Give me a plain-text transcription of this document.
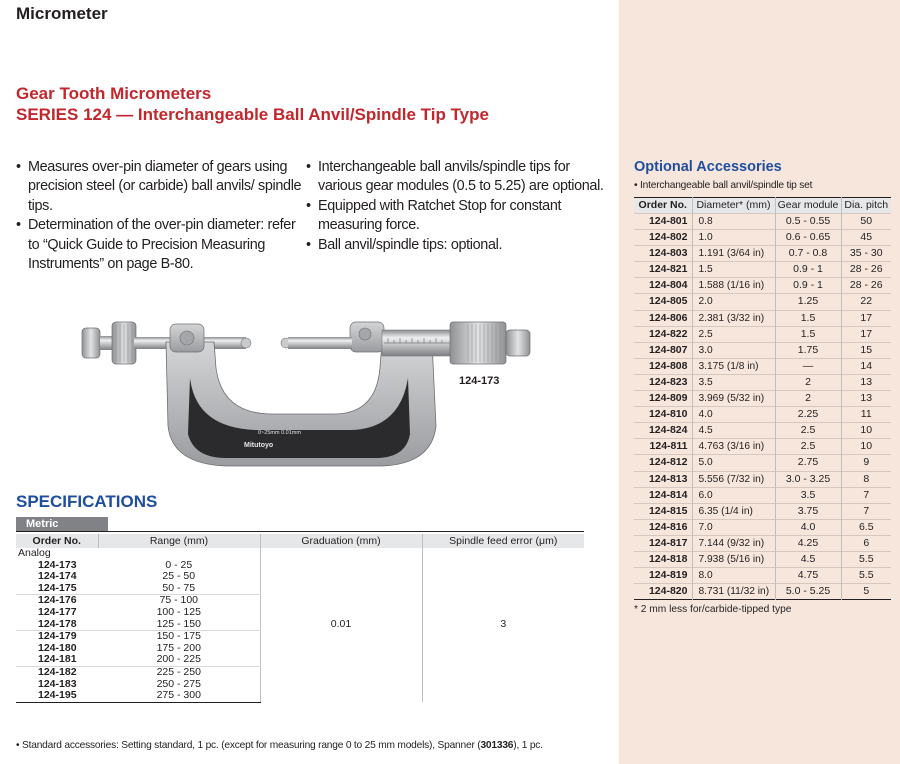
Micrometer
Gear Tooth Micrometers
SERIES 124 — Interchangeable Ball Anvil/Spindle Tip Type
• Measures over-pin diameter of gears using precision steel (or carbide) ball anvils/ spindle tips.
• Determination of the over-pin diameter: refer to “Quick Guide to Precision Measuring Instruments” on page B-80.
• Interchangeable ball anvils/spindle tips for various gear modules (0.5 to 5.25) are optional.
• Equipped with Ratchet Stop for constant measuring force.
• Ball anvil/spindle tips: optional.
0~25mm 0.01mm
Mitutoyo
124-173
SPECIFICATIONS
Metric
Order No.	Range (mm)	Graduation (mm)	Spindle feed error (μm)
Analog		0.01	3
124-173	0 - 25		
124-174	25 - 50		
124-175	50 - 75		
124-176	75 - 100		
124-177	100 - 125		
124-178	125 - 150		
124-179	150 - 175		
124-180	175 - 200		
124-181	200 - 225		
124-182	225 - 250		
124-183	250 - 275		
124-195	275 - 300		
• Standard accessories: Setting standard, 1 pc. (except for measuring range 0 to 25 mm models), Spanner (301336), 1 pc.
Optional Accessories
• Interchangeable ball anvil/spindle tip set
Order No.	Diameter* (mm)	Gear module	Dia. pitch
124-801	0.8	0.5 - 0.55	50
124-802	1.0	0.6 - 0.65	45
124-803	1.191 (3/64 in)	0.7 - 0.8	35 - 30
124-821	1.5	0.9 - 1	28 - 26
124-804	1.588 (1/16 in)	0.9 - 1	28 - 26
124-805	2.0	1.25	22
124-806	2.381 (3/32 in)	1.5	17
124-822	2.5	1.5	17
124-807	3.0	1.75	15
124-808	3.175 (1/8 in)	—	14
124-823	3.5	2	13
124-809	3.969 (5/32 in)	2	13
124-810	4.0	2.25	11
124-824	4.5	2.5	10
124-811	4.763 (3/16 in)	2.5	10
124-812	5.0	2.75	9
124-813	5.556 (7/32 in)	3.0 - 3.25	8
124-814	6.0	3.5	7
124-815	6.35 (1/4 in)	3.75	7
124-816	7.0	4.0	6.5
124-817	7.144 (9/32 in)	4.25	6
124-818	7.938 (5/16 in)	4.5	5.5
124-819	8.0	4.75	5.5
124-820	8.731 (11/32 in)	5.0 - 5.25	5
* 2 mm less for/carbide-tipped type
